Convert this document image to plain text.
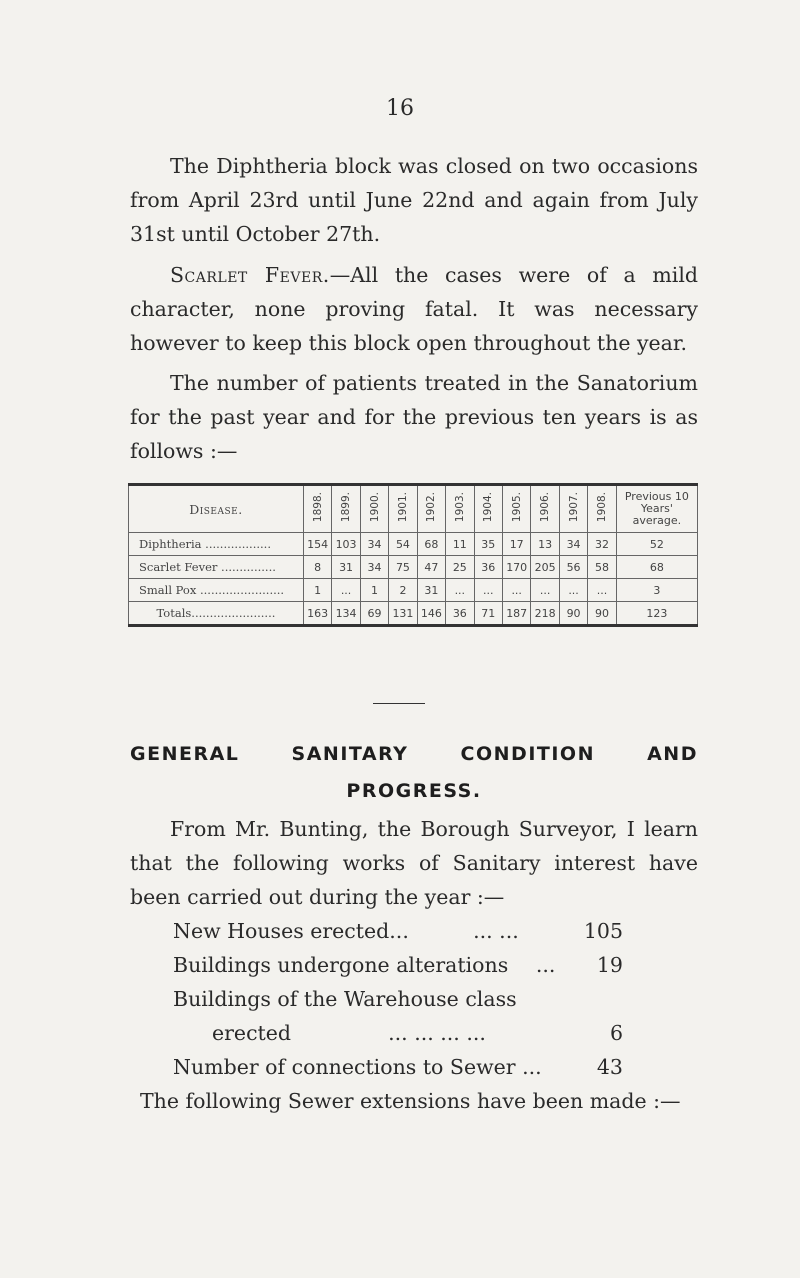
16

The Diphtheria block was closed on two occasions from April 23rd until June 22nd and again from July 31st until October 27th.

Scarlet Fever.—All the cases were of a mild character, none proving fatal. It was necessary however to keep this block open throughout the year.

The number of patients treated in the Sanatorium for the past year and for the previous ten years is as follows :—

Disease.	1898.	1899.	1900.	1901.	1902.	1903.	1904.	1905.	1906.	1907.	1908.	Previous 10 Years' average.
Diphtheria ..................	154	103	34	54	68	11	35	17	13	34	32	52
Scarlet Fever ...............	8	31	34	75	47	25	36	170	205	56	58	68
Small Pox .......................	1	...	1	2	31	...	...	...	...	...	...	3
Totals.......................	163	134	69	131	146	36	71	187	218	90	90	123
GENERAL SANITARY CONDITION AND PROGRESS.

From Mr. Bunting, the Borough Surveyor, I learn that the following works of Sanitary interest have been carried out during the year :—

New Houses erected...	... ...	105
Buildings undergone alterations ...	19
Buildings of the Warehouse class
erected	... ... ... ...	6
Number of connections to Sewer ...	43

The following Sewer extensions have been made :—
